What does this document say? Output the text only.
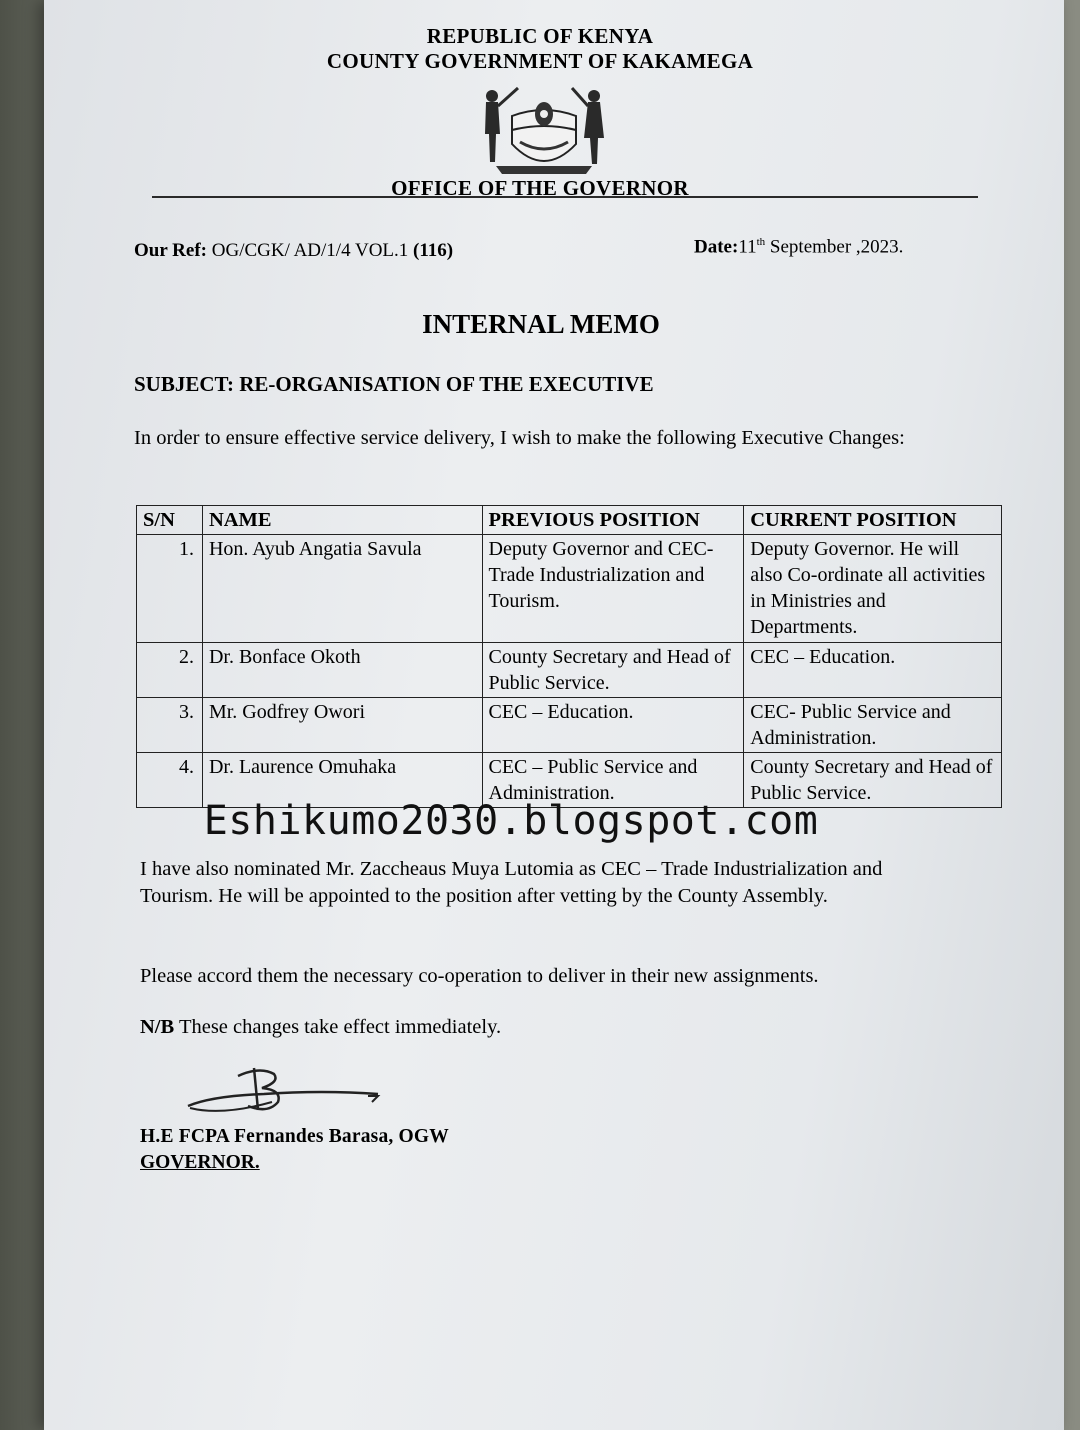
REPUBLIC OF KENYA
COUNTY GOVERNMENT OF KAKAMEGA
OFFICE OF THE GOVERNOR
Our Ref: OG/CGK/ AD/1/4 VOL.1 (116)	Date:11th September ,2023.
INTERNAL MEMO
SUBJECT: RE-ORGANISATION OF THE EXECUTIVE
In order to ensure effective service delivery, I wish to make the following Executive Changes:
S/N	NAME	PREVIOUS POSITION	CURRENT POSITION
1.	Hon. Ayub Angatia Savula	Deputy Governor and CEC-Trade Industrialization and Tourism.	Deputy Governor. He will also Co-ordinate all activities in Ministries and Departments.
2.	Dr. Bonface Okoth	County Secretary and Head of Public Service.	CEC – Education.
3.	Mr. Godfrey Owori	CEC – Education.	CEC- Public Service and Administration.
4.	Dr. Laurence Omuhaka	CEC – Public Service and Administration.	County Secretary and Head of Public Service.
Eshikumo2030.blogspot.com
I have also nominated Mr. Zaccheaus Muya Lutomia as CEC – Trade Industrialization and Tourism. He will be appointed to the position after vetting by the County Assembly.
Please accord them the necessary co-operation to deliver in their new assignments.
N/B These changes take effect immediately.
H.E FCPA Fernandes Barasa, OGW
GOVERNOR.
